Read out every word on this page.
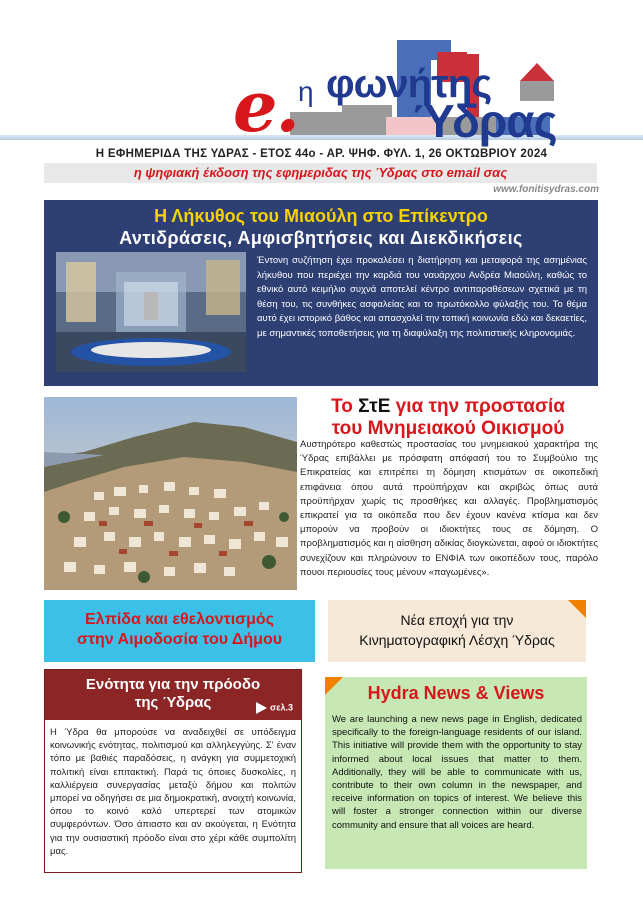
e. η φωνήτης
Ύδρας
Η ΕΦΗΜΕΡΙΔΑ ΤΗΣ ΥΔΡΑΣ - ΕΤΟΣ 44ο - ΑΡ. ΨΗΦ. ΦΥΛ. 1, 26 ΟΚΤΩΒΡΙΟΥ 2024
η ψηφιακή έκδοση της εφημεριδας της Ύδρας στο email σας
www.fonitisydras.com
Η Λήκυθος του Μιαούλη στο Επίκεντρο
Αντιδράσεις, Αμφισβητήσεις και Διεκδικήσεις
Έντονη συζήτηση έχει προκαλέσει η διατήρηση και μεταφορά της ασημένιας λήκυθου που περιέχει την καρδιά του ναυάρχου Ανδρέα Μιαούλη, καθώς το εθνικό αυτό κειμήλιο συχνά αποτελεί κέντρο αντιπαραθέσεων σχετικά με τη θέση του, τις συνθήκες ασφαλείας και το πρωτόκολλο φύλαξής του. Το θέμα αυτό έχει ιστορικό βάθος και απασχολεί την τοπική κοινωνία εδώ και δεκαετίες, με σημαντικές τοποθετήσεις για τη διαφύλαξη της πολιτιστικής κληρονομιάς.
Το ΣτΕ για την προστασία
του Μνημειακού Οικισμού
Αυστηρότερο καθεστώς προστασίας του μνημειακού χαρακτήρα της Ύδρας επιβάλλει με πρόσφατη απόφασή του το Συμβούλιο της Επικρατείας και επιτρέπει τη δόμηση κτισμάτων σε οικοπεδική επιφάνεια όπου αυτά προϋπήρχαν και ακριβώς όπως αυτά προϋπήρχαν χωρίς τις προσθήκες και αλλαγές. Προβληματισμός επικρατεί για τα οικόπεδα που δεν έχουν κανένα κτίσμα και δεν μπορούν να προβούν οι ιδιοκτήτες τους σε δόμηση. Ο προβληματισμός και η αίσθηση αδικίας διογκώνεται, αφού οι ιδιοκτήτες συνεχίζουν και πληρώνουν το ΕΝΦΙΑ των οικοπέδων τους, παρόλο πουοι περιουσίες τους μένουν «παγωμένες».
Ελπίδα και εθελοντισμός
στην Αιμοδοσία του Δήμου
Νέα εποχή για την
Κινηματογραφική Λέσχη Ύδρας
Ενότητα για την πρόοδο
της Ύδρας	σελ.3
Η Ύδρα θα μπορούσε να αναδειχθεί σε υπόδειγμα κοινωνικής ενότητας, πολιτισμού και αλληλεγγύης. Σ' έναν τόπο με βαθιές παραδόσεις, η ανάγκη για συμμετοχική πολιτική είναι επιτακτική. Παρά τις όποιες δυσκολίες, η καλλιέργεια συνεργασίας μεταξύ δήμου και πολιτών μπορεί να οδηγήσει σε μια δημοκρατική, ανοιχτή κοινωνία, όπου το κοινό καλό υπερτερεί των ατομικών συμφερόντων. Όσο άπιαστο και αν ακούγεται, η Ενότητα για την ουσιαστική πρόοδο είναι στο χέρι κάθε συμπολίτη μας.
Hydra News & Views
We are launching a new news page in English, dedicated specifically to the foreign-language residents of our island. This initiative will provide them with the opportunity to stay informed about local issues that matter to them. Additionally, they will be able to communicate with us, contribute to their own column in the newspaper, and receive information on topics of interest. We believe this will foster a stronger connection within our diverse community and ensure that all voices are heard.
